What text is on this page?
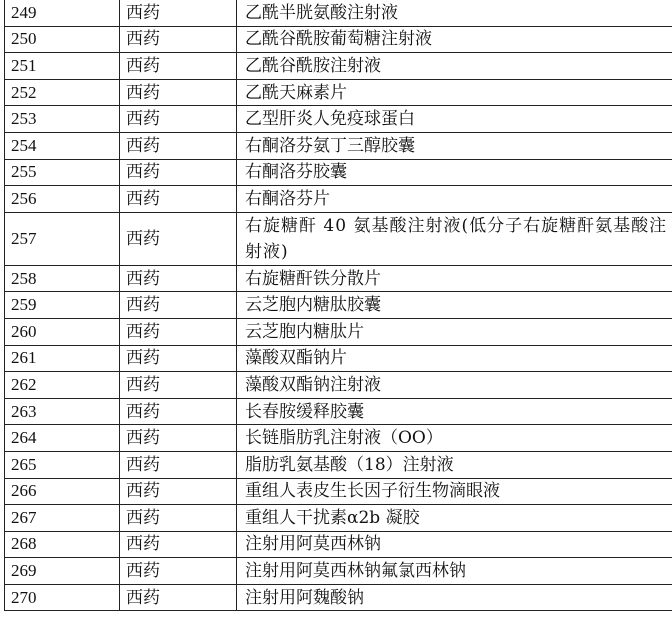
249	西药	乙酰半胱氨酸注射液
250	西药	乙酰谷酰胺葡萄糖注射液
251	西药	乙酰谷酰胺注射液
252	西药	乙酰天麻素片
253	西药	乙型肝炎人免疫球蛋白
254	西药	右酮洛芬氨丁三醇胶囊
255	西药	右酮洛芬胶囊
256	西药	右酮洛芬片
257	西药	右旋糖酐 40 氨基酸注射液(低分子右旋糖酐氨基酸注射液)
258	西药	右旋糖酐铁分散片
259	西药	云芝胞内糖肽胶囊
260	西药	云芝胞内糖肽片
261	西药	藻酸双酯钠片
262	西药	藻酸双酯钠注射液
263	西药	长春胺缓释胶囊
264	西药	长链脂肪乳注射液（OO）
265	西药	脂肪乳氨基酸（18）注射液
266	西药	重组人表皮生长因子衍生物滴眼液
267	西药	重组人干扰素α2b 凝胶
268	西药	注射用阿莫西林钠
269	西药	注射用阿莫西林钠氟氯西林钠
270	西药	注射用阿魏酸钠
